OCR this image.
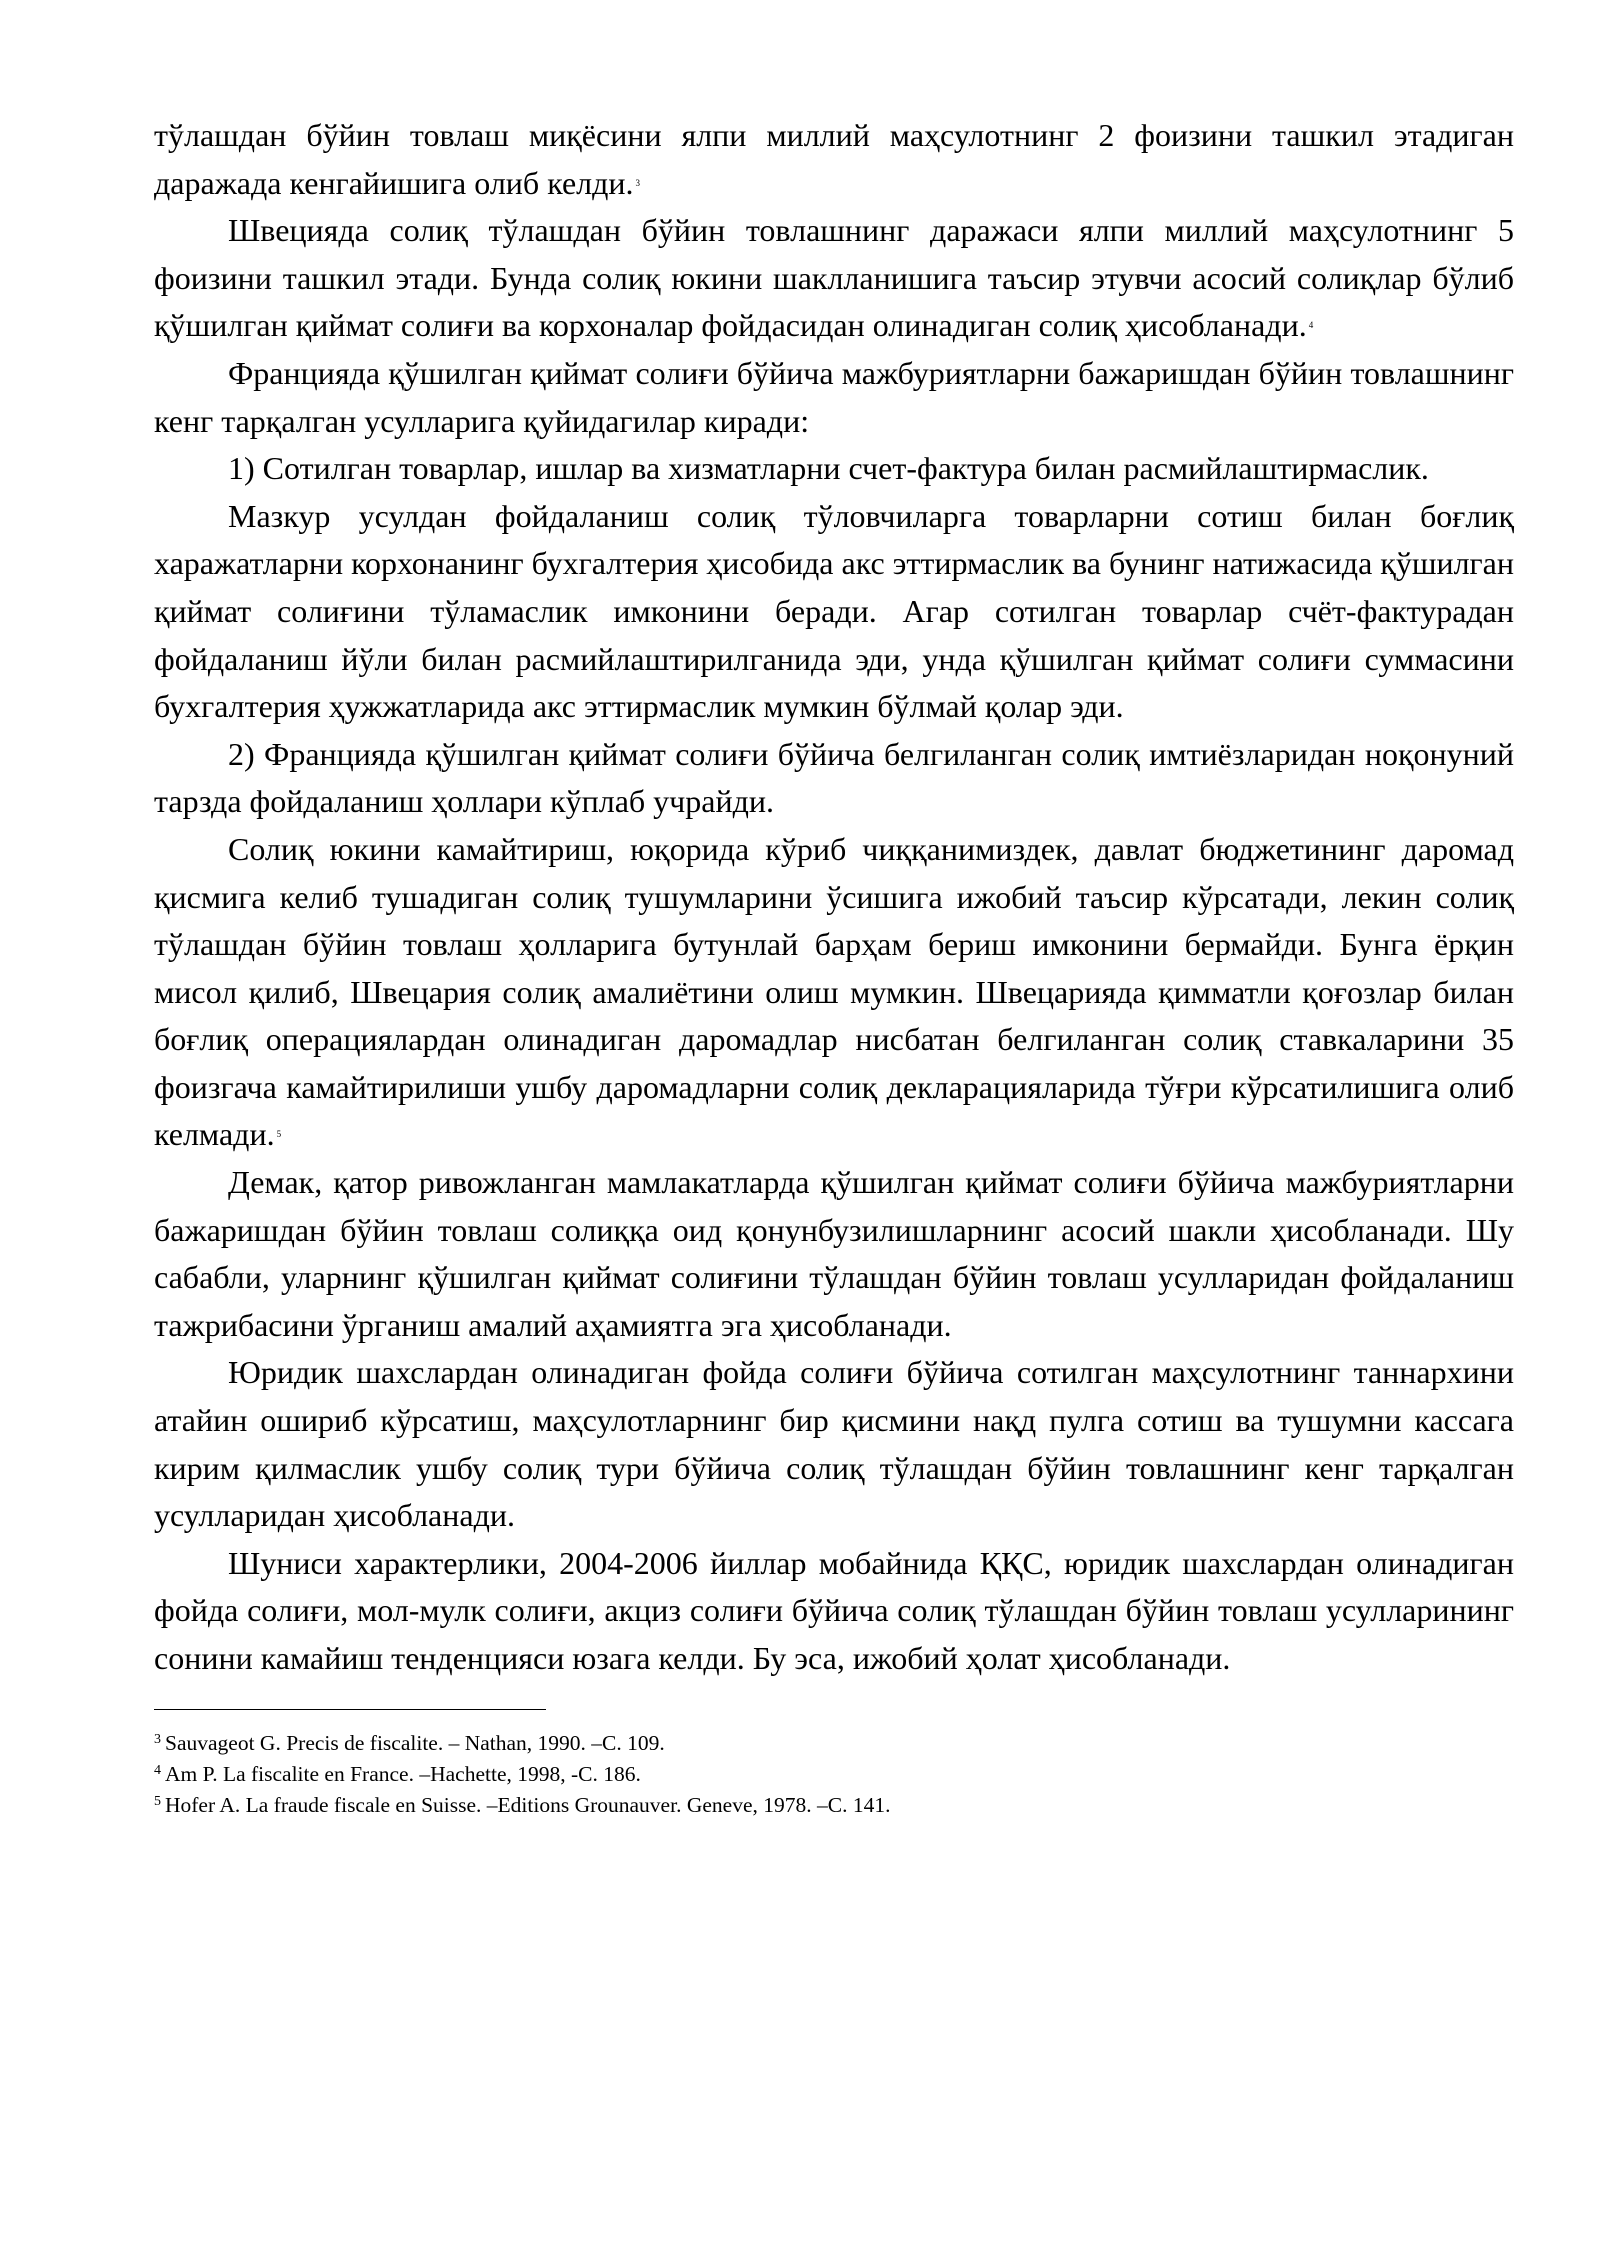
тўлашдан бўйин товлаш миқёсини ялпи миллий маҳсулотнинг 2 фоизини ташкил этадиган даражада кенгайишига олиб келди. $^3$

Швецияда солиқ тўлашдан бўйин товлашнинг даражаси ялпи миллий маҳсулотнинг 5 фоизини ташкил этади. Бунда солиқ юкини шаклланишига таъсир этувчи асосий солиқлар бўлиб қўшилган қиймат солиғи ва корхоналар фойдасидан олинадиган солиқ ҳисобланади. $^4$

Францияда қўшилган қиймат солиғи бўйича мажбуриятларни бажаришдан бўйин товлашнинг кенг тарқалган усулларига қуйидагилар киради:

1) Сотилган товарлар, ишлар ва хизматларни счет-фактура билан расмийлаштирмаслик.

Мазкур усулдан фойдаланиш солиқ тўловчиларга товарларни сотиш билан боғлиқ харажатларни корхонанинг бухгалтерия ҳисобида акс эттирмаслик ва бунинг натижасида қўшилган қиймат солиғини тўламаслик имконини беради. Агар сотилган товарлар счёт-фактурадан фойдаланиш йўли билан расмийлаштирилганида эди, унда қўшилган қиймат солиғи суммасини бухгалтерия ҳужжатларида акс эттирмаслик мумкин бўлмай қолар эди.

2) Францияда қўшилган қиймат солиғи бўйича белгиланган солиқ имтиёзларидан ноқонуний тарзда фойдаланиш ҳоллари кўплаб учрайди.

Солиқ юкини камайтириш, юқорида кўриб чиққанимиздек, давлат бюджетининг даромад қисмига келиб тушадиган солиқ тушумларини ўсишига ижобий таъсир кўрсатади, лекин солиқ тўлашдан бўйин товлаш ҳолларига бутунлай барҳам бериш имконини бермайди. Бунга ёрқин мисол қилиб, Швецария солиқ амалиётини олиш мумкин. Швецарияда қимматли қоғозлар билан боғлиқ операциялардан олинадиган даромадлар нисбатан белгиланган солиқ ставкаларини 35 фоизгача камайтирилиши ушбу даромадларни солиқ декларацияларида тўғри кўрсатилишига олиб келмади. $^5$

Демак, қатор ривожланган мамлакатларда қўшилган қиймат солиғи бўйича мажбуриятларни бажаришдан бўйин товлаш солиққа оид қонунбузилишларнинг асосий шакли ҳисобланади. Шу сабабли, уларнинг қўшилган қиймат солиғини тўлашдан бўйин товлаш усулларидан фойдаланиш тажрибасини ўрганиш амалий аҳамиятга эга ҳисобланади.

Юридик шахслардан олинадиган фойда солиғи бўйича сотилган маҳсулотнинг таннархини атайин ошириб кўрсатиш, маҳсулотларнинг бир қисмини нақд пулга сотиш ва тушумни кассага кирим қилмаслик ушбу солиқ тури бўйича солиқ тўлашдан бўйин товлашнинг кенг тарқалган усулларидан ҳисобланади.

Шуниси характерлики, 2004-2006 йиллар мобайнида ҚҚС, юридик шахслардан олинадиган фойда солиғи, мол-мулк солиғи, акциз солиғи бўйича солиқ тўлашдан бўйин товлаш усулларининг сонини камайиш тенденцияси юзага келди. Бу эса, ижобий ҳолат ҳисобланади.

$^3$ Sauvageot G. Precis de fiscalite. – Nathan, 1990. –C. 109.

$^4$ Am P. La fiscalite en France. –Hachette, 1998, -C. 186.

$^5$ Hofer A. La fraude fiscale en Suisse. –Editions Grounauver. Geneve, 1978. –C. 141.
